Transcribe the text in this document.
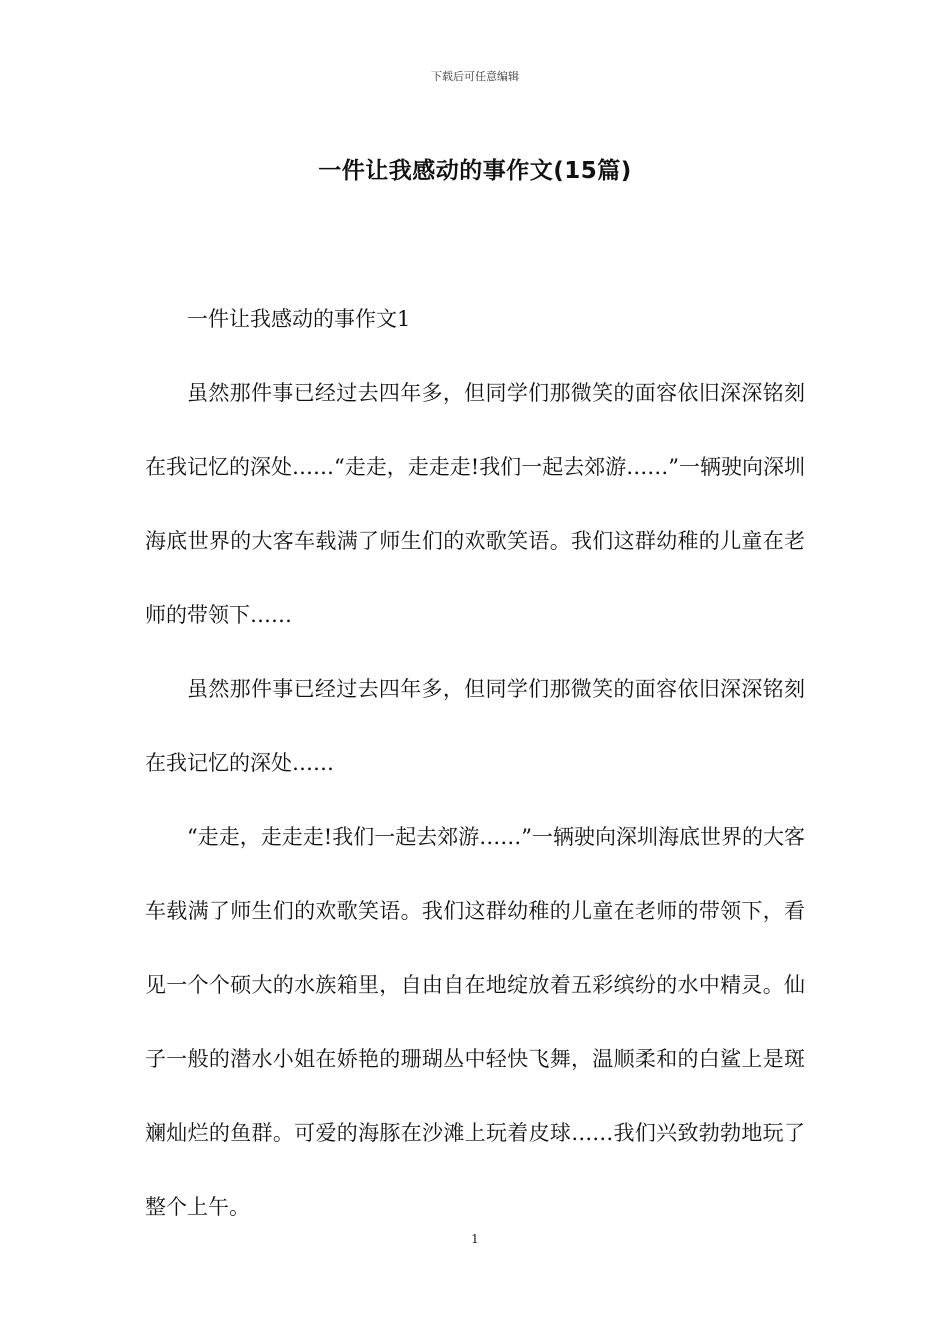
下载后可任意编辑
一件让我感动的事作文(15篇)

一件让我感动的事作文1

虽然那件事已经过去四年多，但同学们那微笑的面容依旧深深铭刻在我记忆的深处……“走走，走走走!我们一起去郊游……”一辆驶向深圳海底世界的大客车载满了师生们的欢歌笑语。我们这群幼稚的儿童在老师的带领下……

虽然那件事已经过去四年多，但同学们那微笑的面容依旧深深铭刻在我记忆的深处……

“走走，走走走!我们一起去郊游……”一辆驶向深圳海底世界的大客车载满了师生们的欢歌笑语。我们这群幼稚的儿童在老师的带领下，看见一个个硕大的水族箱里，自由自在地绽放着五彩缤纷的水中精灵。仙子一般的潜水小姐在娇艳的珊瑚丛中轻快飞舞，温顺柔和的白鲨上是斑斓灿烂的鱼群。可爱的海豚在沙滩上玩着皮球……我们兴致勃勃地玩了整个上午。

1
